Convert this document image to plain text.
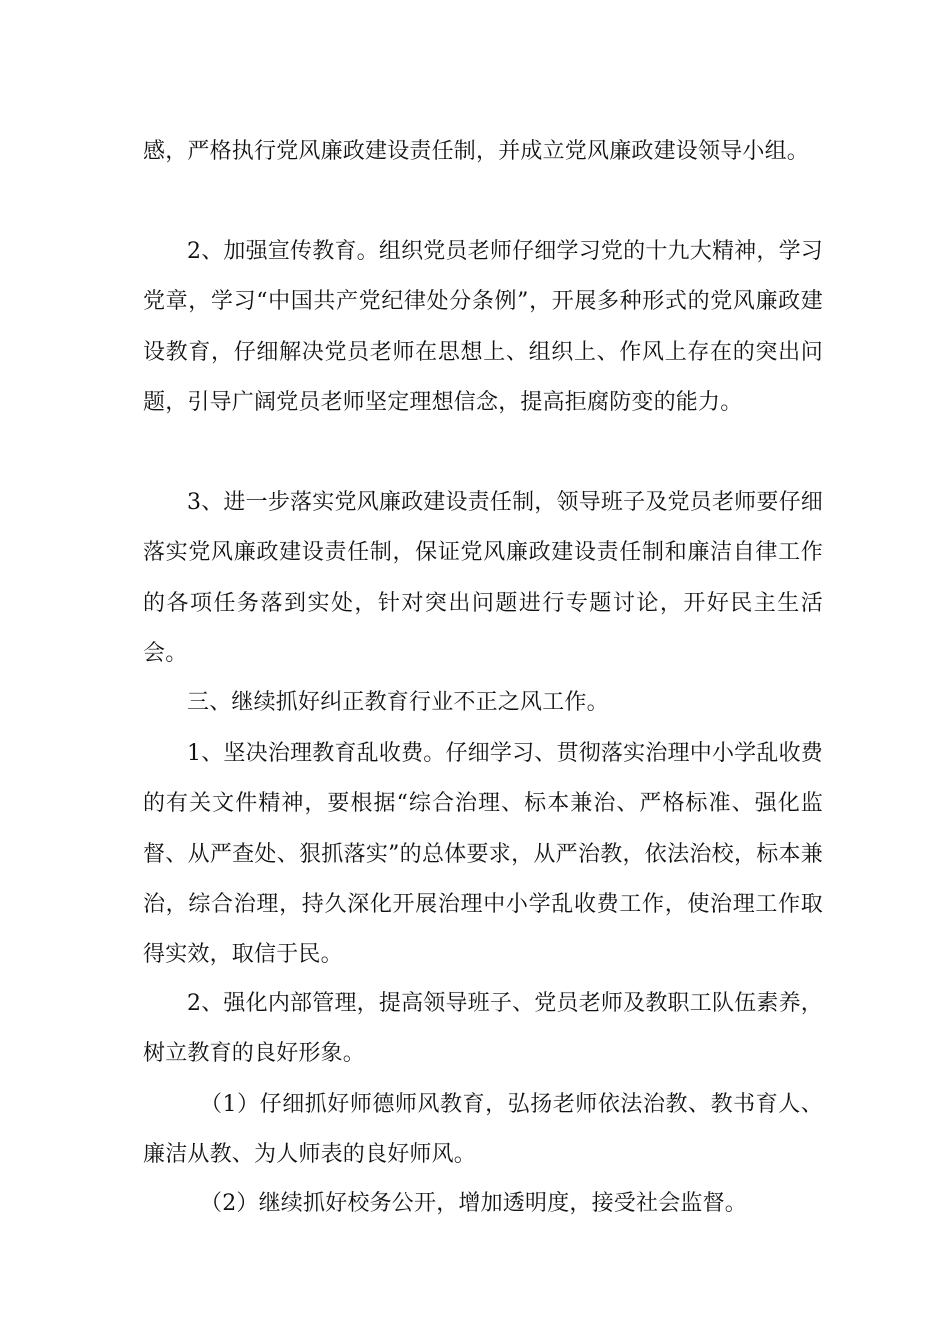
感，严格执行党风廉政建设责任制，并成立党风廉政建设领导小组。

2、加强宣传教育。组织党员老师仔细学习党的十九大精神，学习党章，学习“中国共产党纪律处分条例”，开展多种形式的党风廉政建设教育，仔细解决党员老师在思想上、组织上、作风上存在的突出问题，引导广阔党员老师坚定理想信念，提高拒腐防变的能力。

3、进一步落实党风廉政建设责任制，领导班子及党员老师要仔细落实党风廉政建设责任制，保证党风廉政建设责任制和廉洁自律工作的各项任务落到实处，针对突出问题进行专题讨论，开好民主生活会。

三、继续抓好纠正教育行业不正之风工作。

1、坚决治理教育乱收费。仔细学习、贯彻落实治理中小学乱收费的有关文件精神，要根据“综合治理、标本兼治、严格标准、强化监督、从严查处、狠抓落实”的总体要求，从严治教，依法治校，标本兼治，综合治理，持久深化开展治理中小学乱收费工作，使治理工作取得实效，取信于民。

2、强化内部管理，提高领导班子、党员老师及教职工队伍素养，树立教育的良好形象。

（1）仔细抓好师德师风教育，弘扬老师依法治教、教书育人、廉洁从教、为人师表的良好师风。

（2）继续抓好校务公开，增加透明度，接受社会监督。
